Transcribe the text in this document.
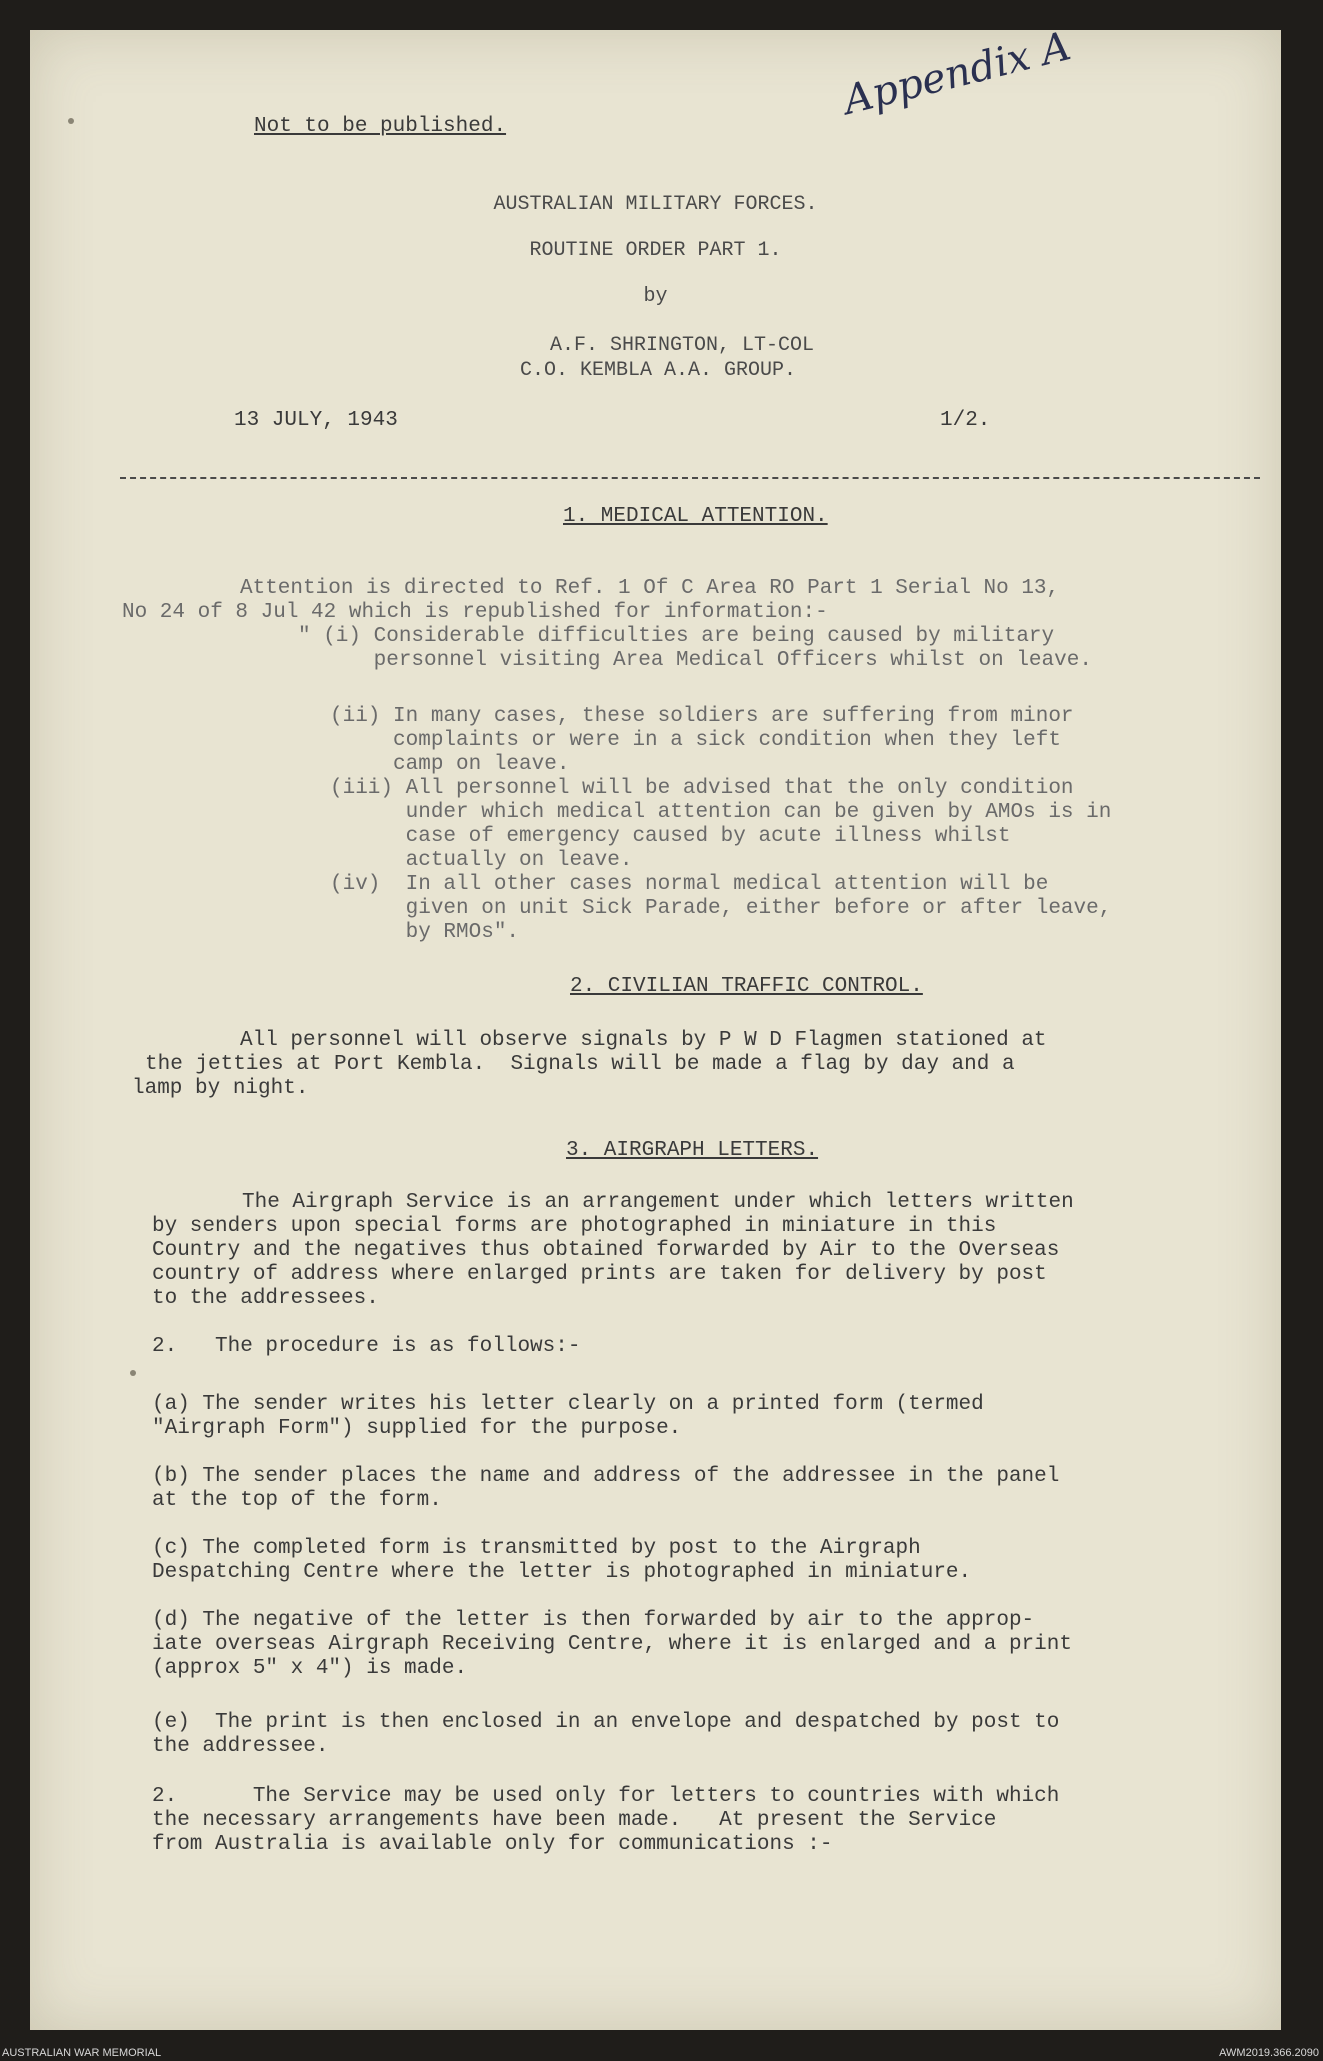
Not to be published.
Appendix A
AUSTRALIAN MILITARY FORCES.
ROUTINE ORDER PART 1.
by
A.F. SHRINGTON, LT-COL
C.O. KEMBLA A.A. GROUP.
13 JULY, 1943	1/2.
1. MEDICAL ATTENTION.
Attention is directed to Ref. 1 Of C Area RO Part 1 Serial No 13,
No 24 of 8 Jul 42 which is republished for information:-
" (i) Considerable difficulties are being caused by military
personnel visiting Area Medical Officers whilst on leave.
(ii) In many cases, these soldiers are suffering from minor
complaints or were in a sick condition when they left
camp on leave.
(iii) All personnel will be advised that the only condition
under which medical attention can be given by AMOs is in
case of emergency caused by acute illness whilst
actually on leave.
(iv)  In all other cases normal medical attention will be
given on unit Sick Parade, either before or after leave,
by RMOs".
2. CIVILIAN TRAFFIC CONTROL.
All personnel will observe signals by P W D Flagmen stationed at
the jetties at Port Kembla.  Signals will be made a flag by day and a
lamp by night.
3. AIRGRAPH LETTERS.
The Airgraph Service is an arrangement under which letters written
by senders upon special forms are photographed in miniature in this
Country and the negatives thus obtained forwarded by Air to the Overseas
country of address where enlarged prints are taken for delivery by post
to the addressees.
2.   The procedure is as follows:-
(a) The sender writes his letter clearly on a printed form (termed
"Airgraph Form") supplied for the purpose.
(b) The sender places the name and address of the addressee in the panel
at the top of the form.
(c) The completed form is transmitted by post to the Airgraph
Despatching Centre where the letter is photographed in miniature.
(d) The negative of the letter is then forwarded by air to the approp-
iate overseas Airgraph Receiving Centre, where it is enlarged and a print
(approx 5" x 4") is made.
(e)  The print is then enclosed in an envelope and despatched by post to
the addressee.
2.      The Service may be used only for letters to countries with which
the necessary arrangements have been made.   At present the Service
from Australia is available only for communications :-
AUSTRALIAN WAR MEMORIAL	AWM2019.366.2090
